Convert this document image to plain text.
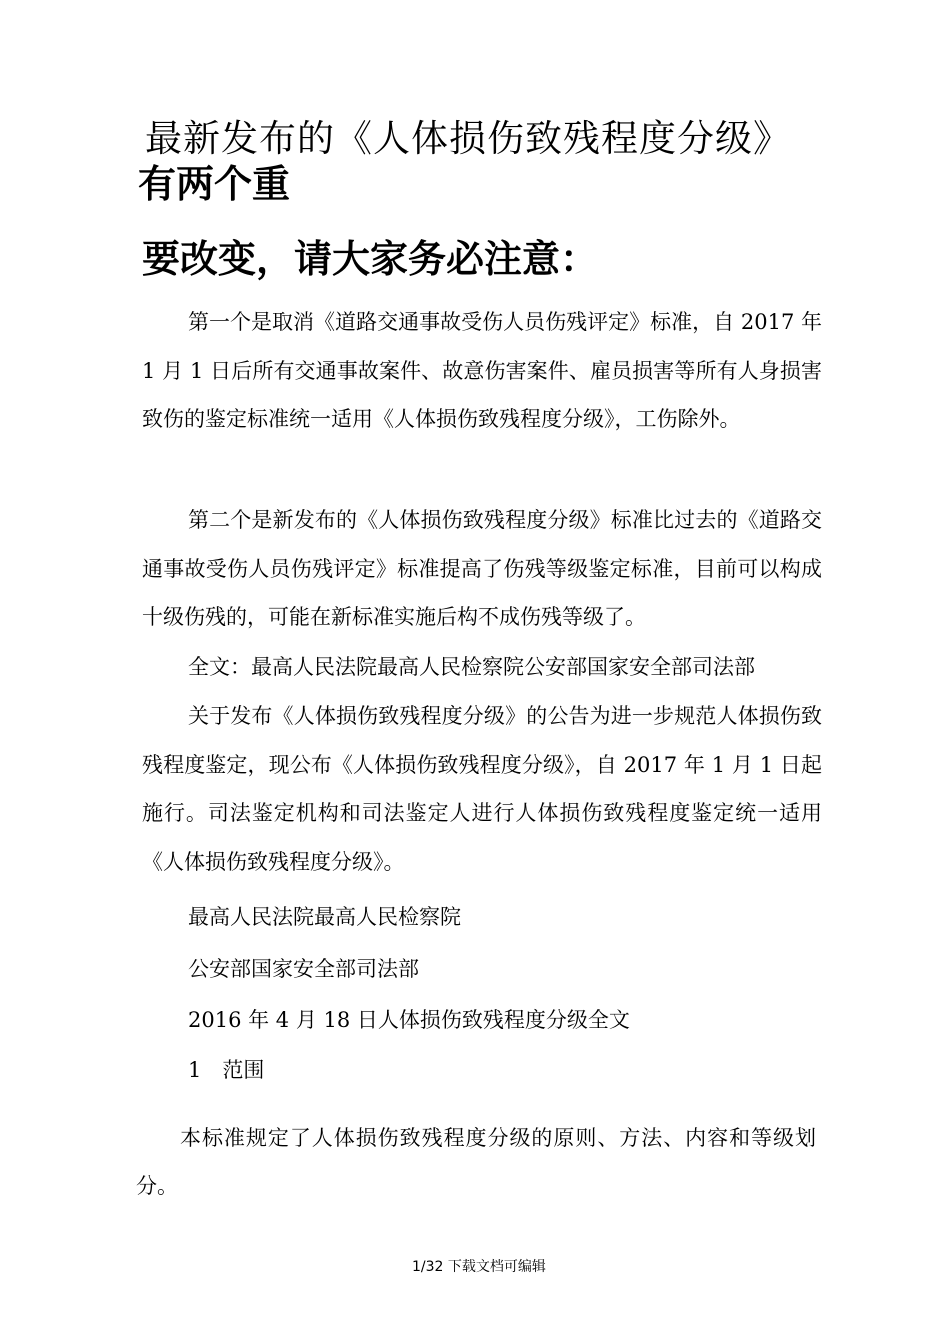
最新发布的《人体损伤致残程度分级》
有两个重
要改变，请大家务必注意：
第一个是取消《道路交通事故受伤人员伤残评定》标准，自 2017 年 1 月 1 日后所有交通事故案件、故意伤害案件、雇员损害等所有人身损害致伤的鉴定标准统一适用《人体损伤致残程度分级》，工伤除外。
第二个是新发布的《人体损伤致残程度分级》标准比过去的《道路交通事故受伤人员伤残评定》标准提高了伤残等级鉴定标准，目前可以构成十级伤残的，可能在新标准实施后构不成伤残等级了。
全文：最高人民法院最高人民检察院公安部国家安全部司法部
关于发布《人体损伤致残程度分级》的公告为进一步规范人体损伤致残程度鉴定，现公布《人体损伤致残程度分级》，自 2017 年 1 月 1 日起施行。司法鉴定机构和司法鉴定人进行人体损伤致残程度鉴定统一适用《人体损伤致残程度分级》。
最高人民法院最高人民检察院
公安部国家安全部司法部
2016 年 4 月 18 日人体损伤致残程度分级全文
1　范围
本标准规定了人体损伤致残程度分级的原则、方法、内容和等级划分。
1/32 下载文档可编辑
